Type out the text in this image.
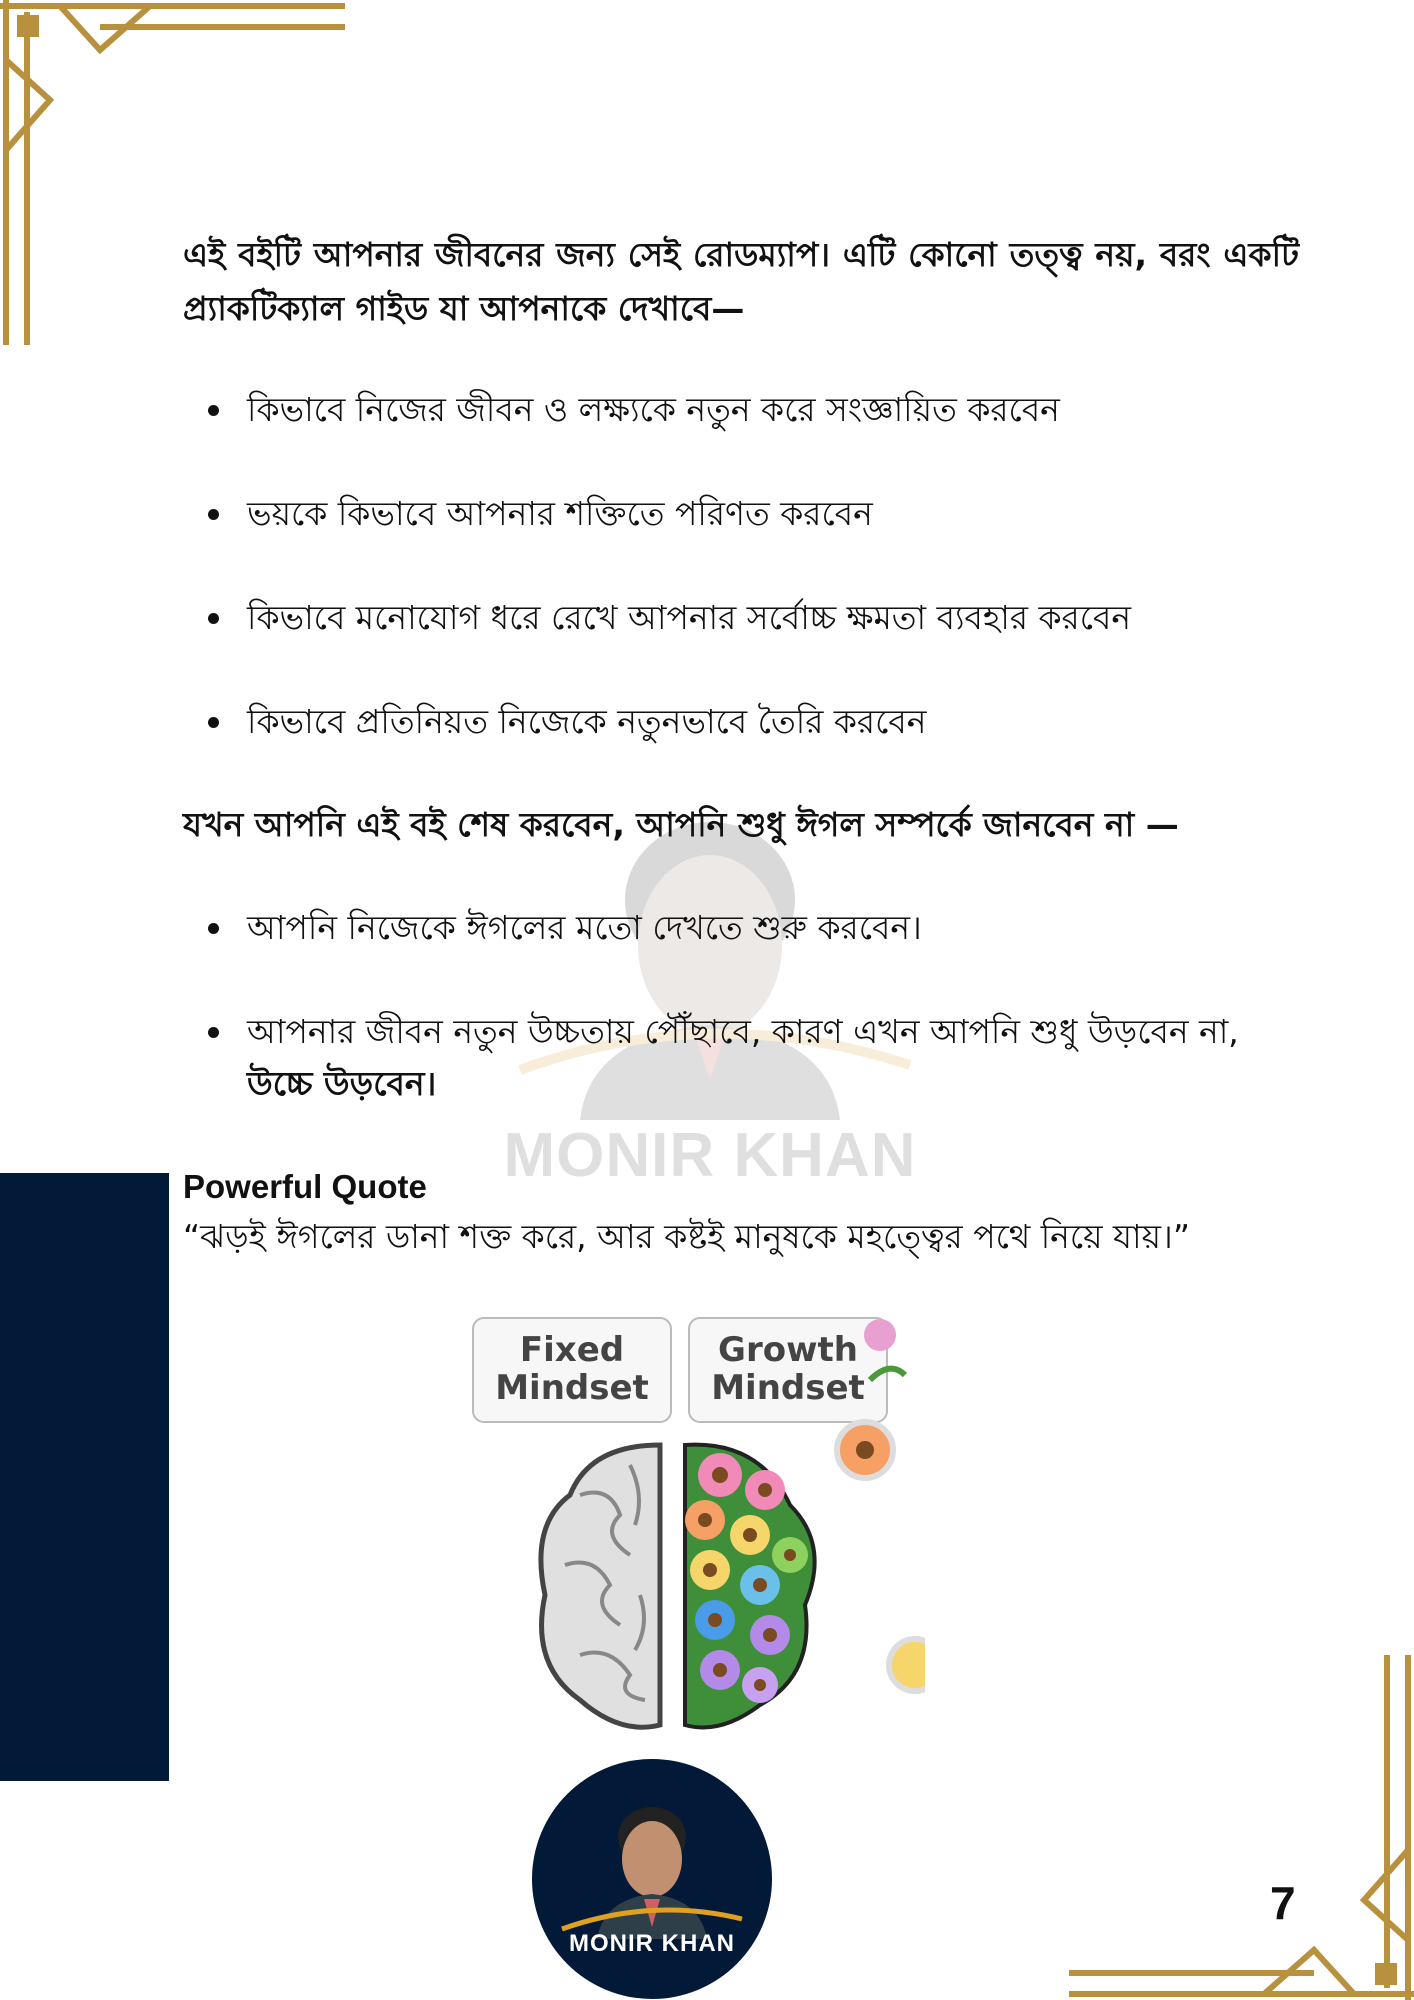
MONIR KHAN

এই বইটি আপনার জীবনের জন্য সেই রোডম্যাপ। এটি কোনো তত্ত্ব নয়, বরং একটি প্র্যাকটিক্যাল গাইড যা আপনাকে দেখাবে—

কিভাবে নিজের জীবন ও লক্ষ্যকে নতুন করে সংজ্ঞায়িত করবেন
ভয়কে কিভাবে আপনার শক্তিতে পরিণত করবেন
কিভাবে মনোযোগ ধরে রেখে আপনার সর্বোচ্চ ক্ষমতা ব্যবহার করবেন
কিভাবে প্রতিনিয়ত নিজেকে নতুনভাবে তৈরি করবেন
যখন আপনি এই বই শেষ করবেন, আপনি শুধু ঈগল সম্পর্কে জানবেন না —
আপনি নিজেকে ঈগলের মতো দেখতে শুরু করবেন।
আপনার জীবন নতুন উচ্চতায় পৌঁছাবে, কারণ এখন আপনি শুধু উড়বেন না,
উচ্চে উড়বেন।
Powerful Quote
“ঝড়ই ঈগলের ডানা শক্ত করে, আর কষ্টই মানুষকে মহত্ত্বের পথে নিয়ে যায়।”
Fixed
Mindset
Growth
Mindset
MONIR KHAN
7
